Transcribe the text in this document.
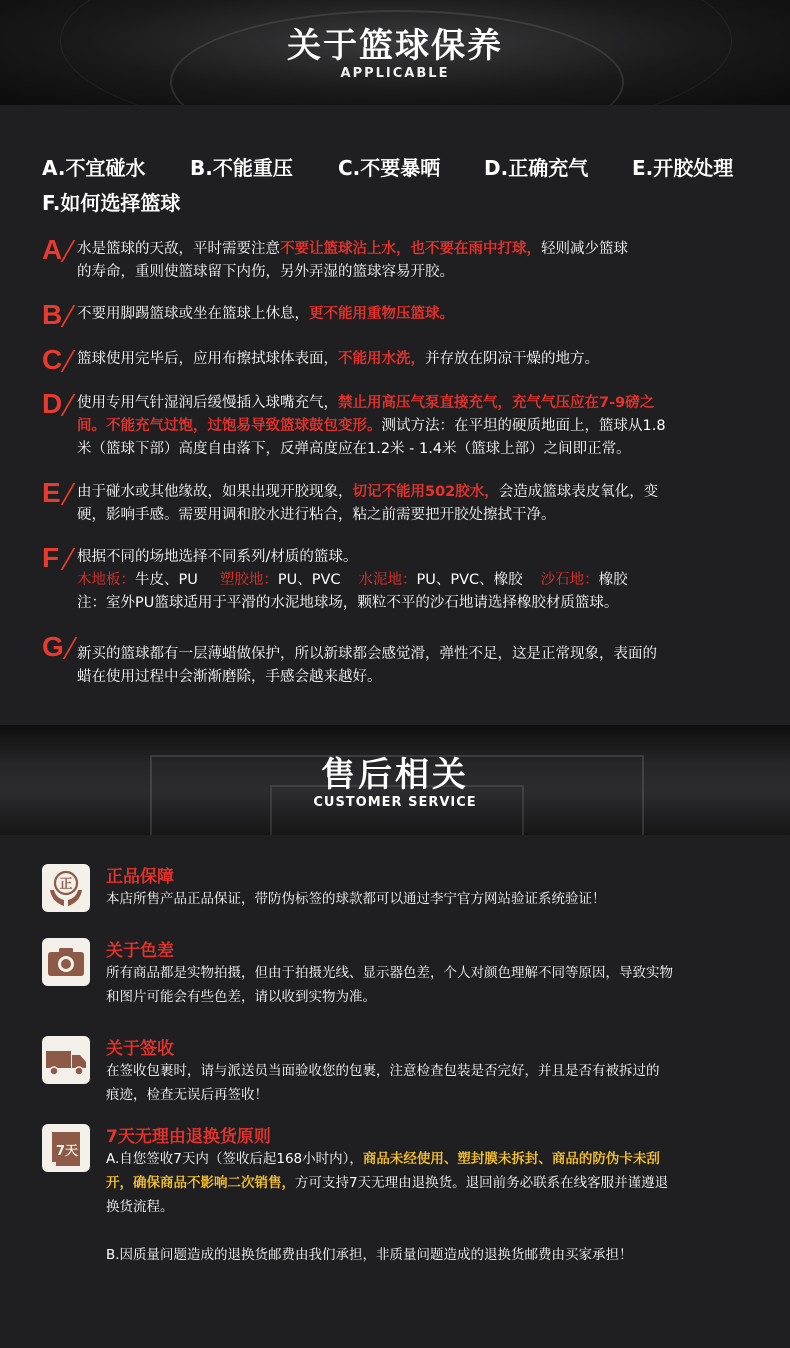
关于篮球保养
APPLICABLE
A.不宜碰水 B.不能重压 C.不要暴晒 D.正确充气 E.开胶处理
F.如何选择篮球
A 水是篮球的天敌，平时需要注意不要让篮球沾上水，也不要在雨中打球，轻则减少篮球
的寿命，重则使篮球留下内伤，另外弄湿的篮球容易开胶。
B 不要用脚踢篮球或坐在篮球上休息，更不能用重物压篮球。
C 篮球使用完毕后，应用布擦拭球体表面，不能用水洗，并存放在阴凉干燥的地方。
D 使用专用气针湿润后缓慢插入球嘴充气，禁止用高压气泵直接充气，充气气压应在7-9磅之
间。不能充气过饱，过饱易导致篮球鼓包变形。测试方法：在平坦的硬质地面上，篮球从1.8
米（篮球下部）高度自由落下，反弹高度应在1.2米 - 1.4米（篮球上部）之间即正常。
E 由于碰水或其他缘故，如果出现开胶现象，切记不能用502胶水，会造成篮球表皮氧化，变
硬，影响手感。需要用调和胶水进行粘合，粘之前需要把开胶处擦拭干净。
F 根据不同的场地选择不同系列/材质的篮球。
木地板：牛皮、PU 塑胶地：PU、PVC 水泥地：PU、PVC、橡胶 沙石地：橡胶
注：室外PU篮球适用于平滑的水泥地球场，颗粒不平的沙石地请选择橡胶材质篮球。
G 新买的篮球都有一层薄蜡做保护，所以新球都会感觉滑，弹性不足，这是正常现象，表面的
蜡在使用过程中会渐渐磨除，手感会越来越好。
售后相关
CUSTOMER SERVICE
正 正品保障
本店所售产品正品保证，带防伪标签的球款都可以通过李宁官方网站验证系统验证！
关于色差
所有商品都是实物拍摄，但由于拍摄光线、显示器色差，个人对颜色理解不同等原因，导致实物
和图片可能会有些色差，请以收到实物为准。
关于签收
在签收包裹时，请与派送员当面验收您的包裹，注意检查包装是否完好，并且是否有被拆过的
痕迹，检查无误后再签收！
7天
7天无理由退换货原则
A.自您签收7天内（签收后起168小时内），商品未经使用、塑封膜未拆封、商品的防伪卡未刮
开，确保商品不影响二次销售，方可支持7天无理由退换货。退回前务必联系在线客服并谨遵退
换货流程。
B.因质量问题造成的退换货邮费由我们承担，非质量问题造成的退换货邮费由买家承担！
